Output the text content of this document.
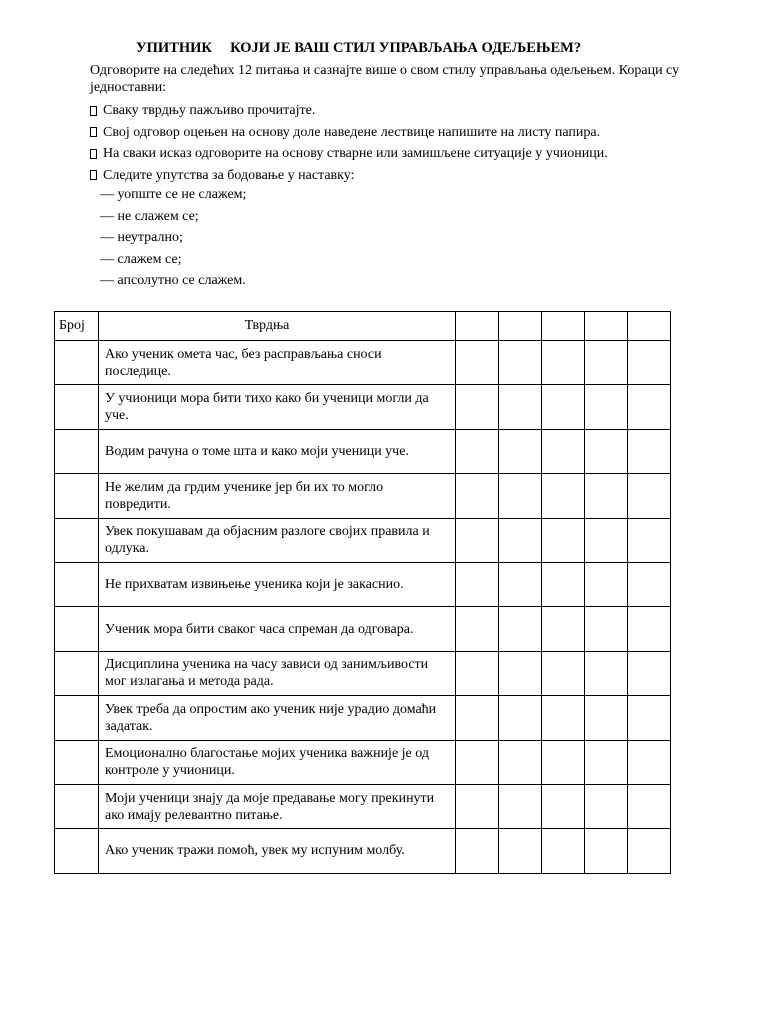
УПИТНИК     КОЈИ ЈЕ ВАШ СТИЛ УПРАВЉАЊА ОДЕЉЕЊЕМ?
Одговорите на следећих 12 питања и сазнајте више о свом стилу управљања одељењем. Кораци су једноставни:
Сваку тврдњу пажљиво прочитајте.
Свој одговор оцењен на основу доле наведене лествице напишите на листу папира.
На сваки исказ одговорите на основу стварне или замишљене ситуације у учионици.
Следите упутства за бодовање у наставку:
— уопште се не слажем;
— не слажем се;
— неутрално;
— слажем се;
— апсолутно се слажем.
Број	Тврдња					
	Ако ученик омета час, без расправљања сноси последице.					
	У учионици мора бити тихо како би ученици могли да уче.					
	Водим рачуна о томе шта и како моји ученици уче.					
	Не желим да грдим ученике јер би их то могло повредити.					
	Увек покушавам да објасним разлоге својих правила и одлука.					
	Не прихватам извињење ученика који је закаснио.					
	Ученик мора бити сваког часа спреман да одговара.					
	Дисциплина ученика на часу зависи од занимљивости мог излагања и метода рада.					
	Увек треба да опростим ако ученик није урадио домаћи задатак.					
	Емоционално благостање мојих ученика важније је од контроле у учионици.					
	Моји ученици знају да моје предавање могу прекинути ако имају релевантно питање.					
	Ако ученик тражи помоћ, увек му испуним молбу.					
